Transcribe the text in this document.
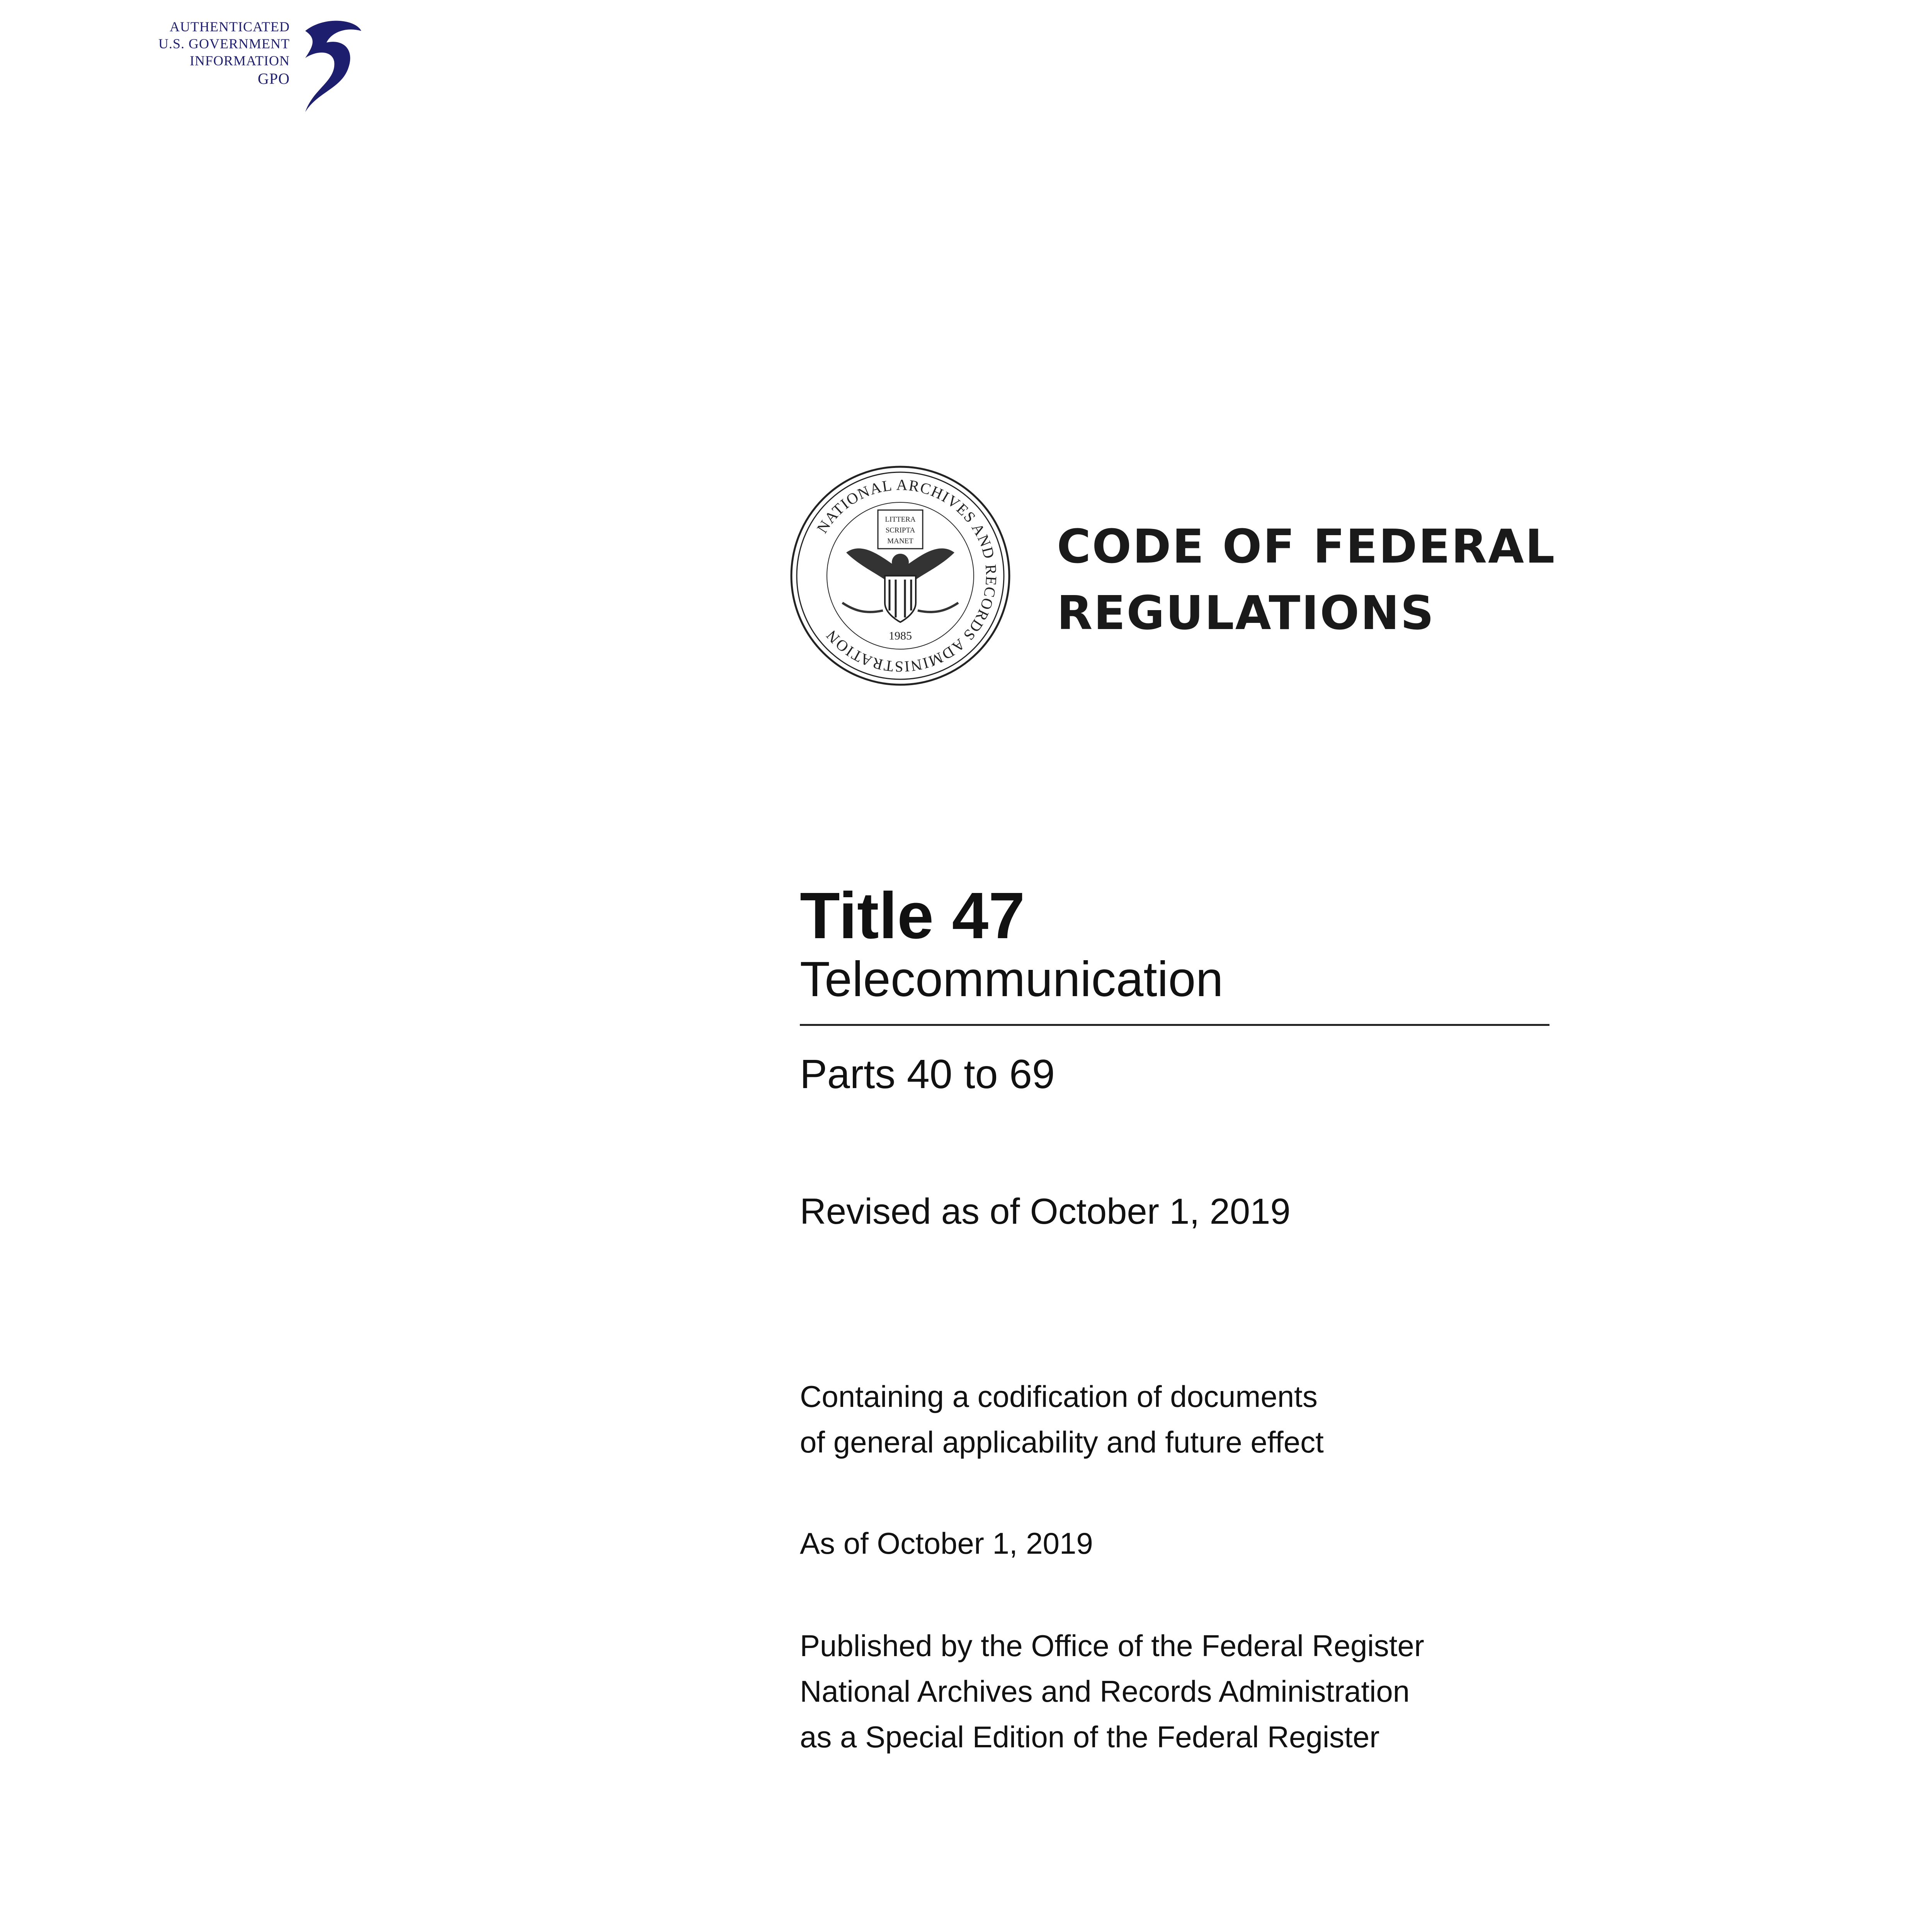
AUTHENTICATED
U.S. GOVERNMENT
INFORMATION
GPO
NATIONAL ARCHIVES AND RECORDS ADMINISTRATION
LITTERA
SCRIPTA
MANET
1985
CODE OF FEDERAL
REGULATIONS
Title 47
Telecommunication
Parts 40 to 69
Revised as of October 1, 2019
Containing a codification of documents
of general applicability and future effect
As of October 1, 2019
Published by the Office of the Federal Register
National Archives and Records Administration
as a Special Edition of the Federal Register
